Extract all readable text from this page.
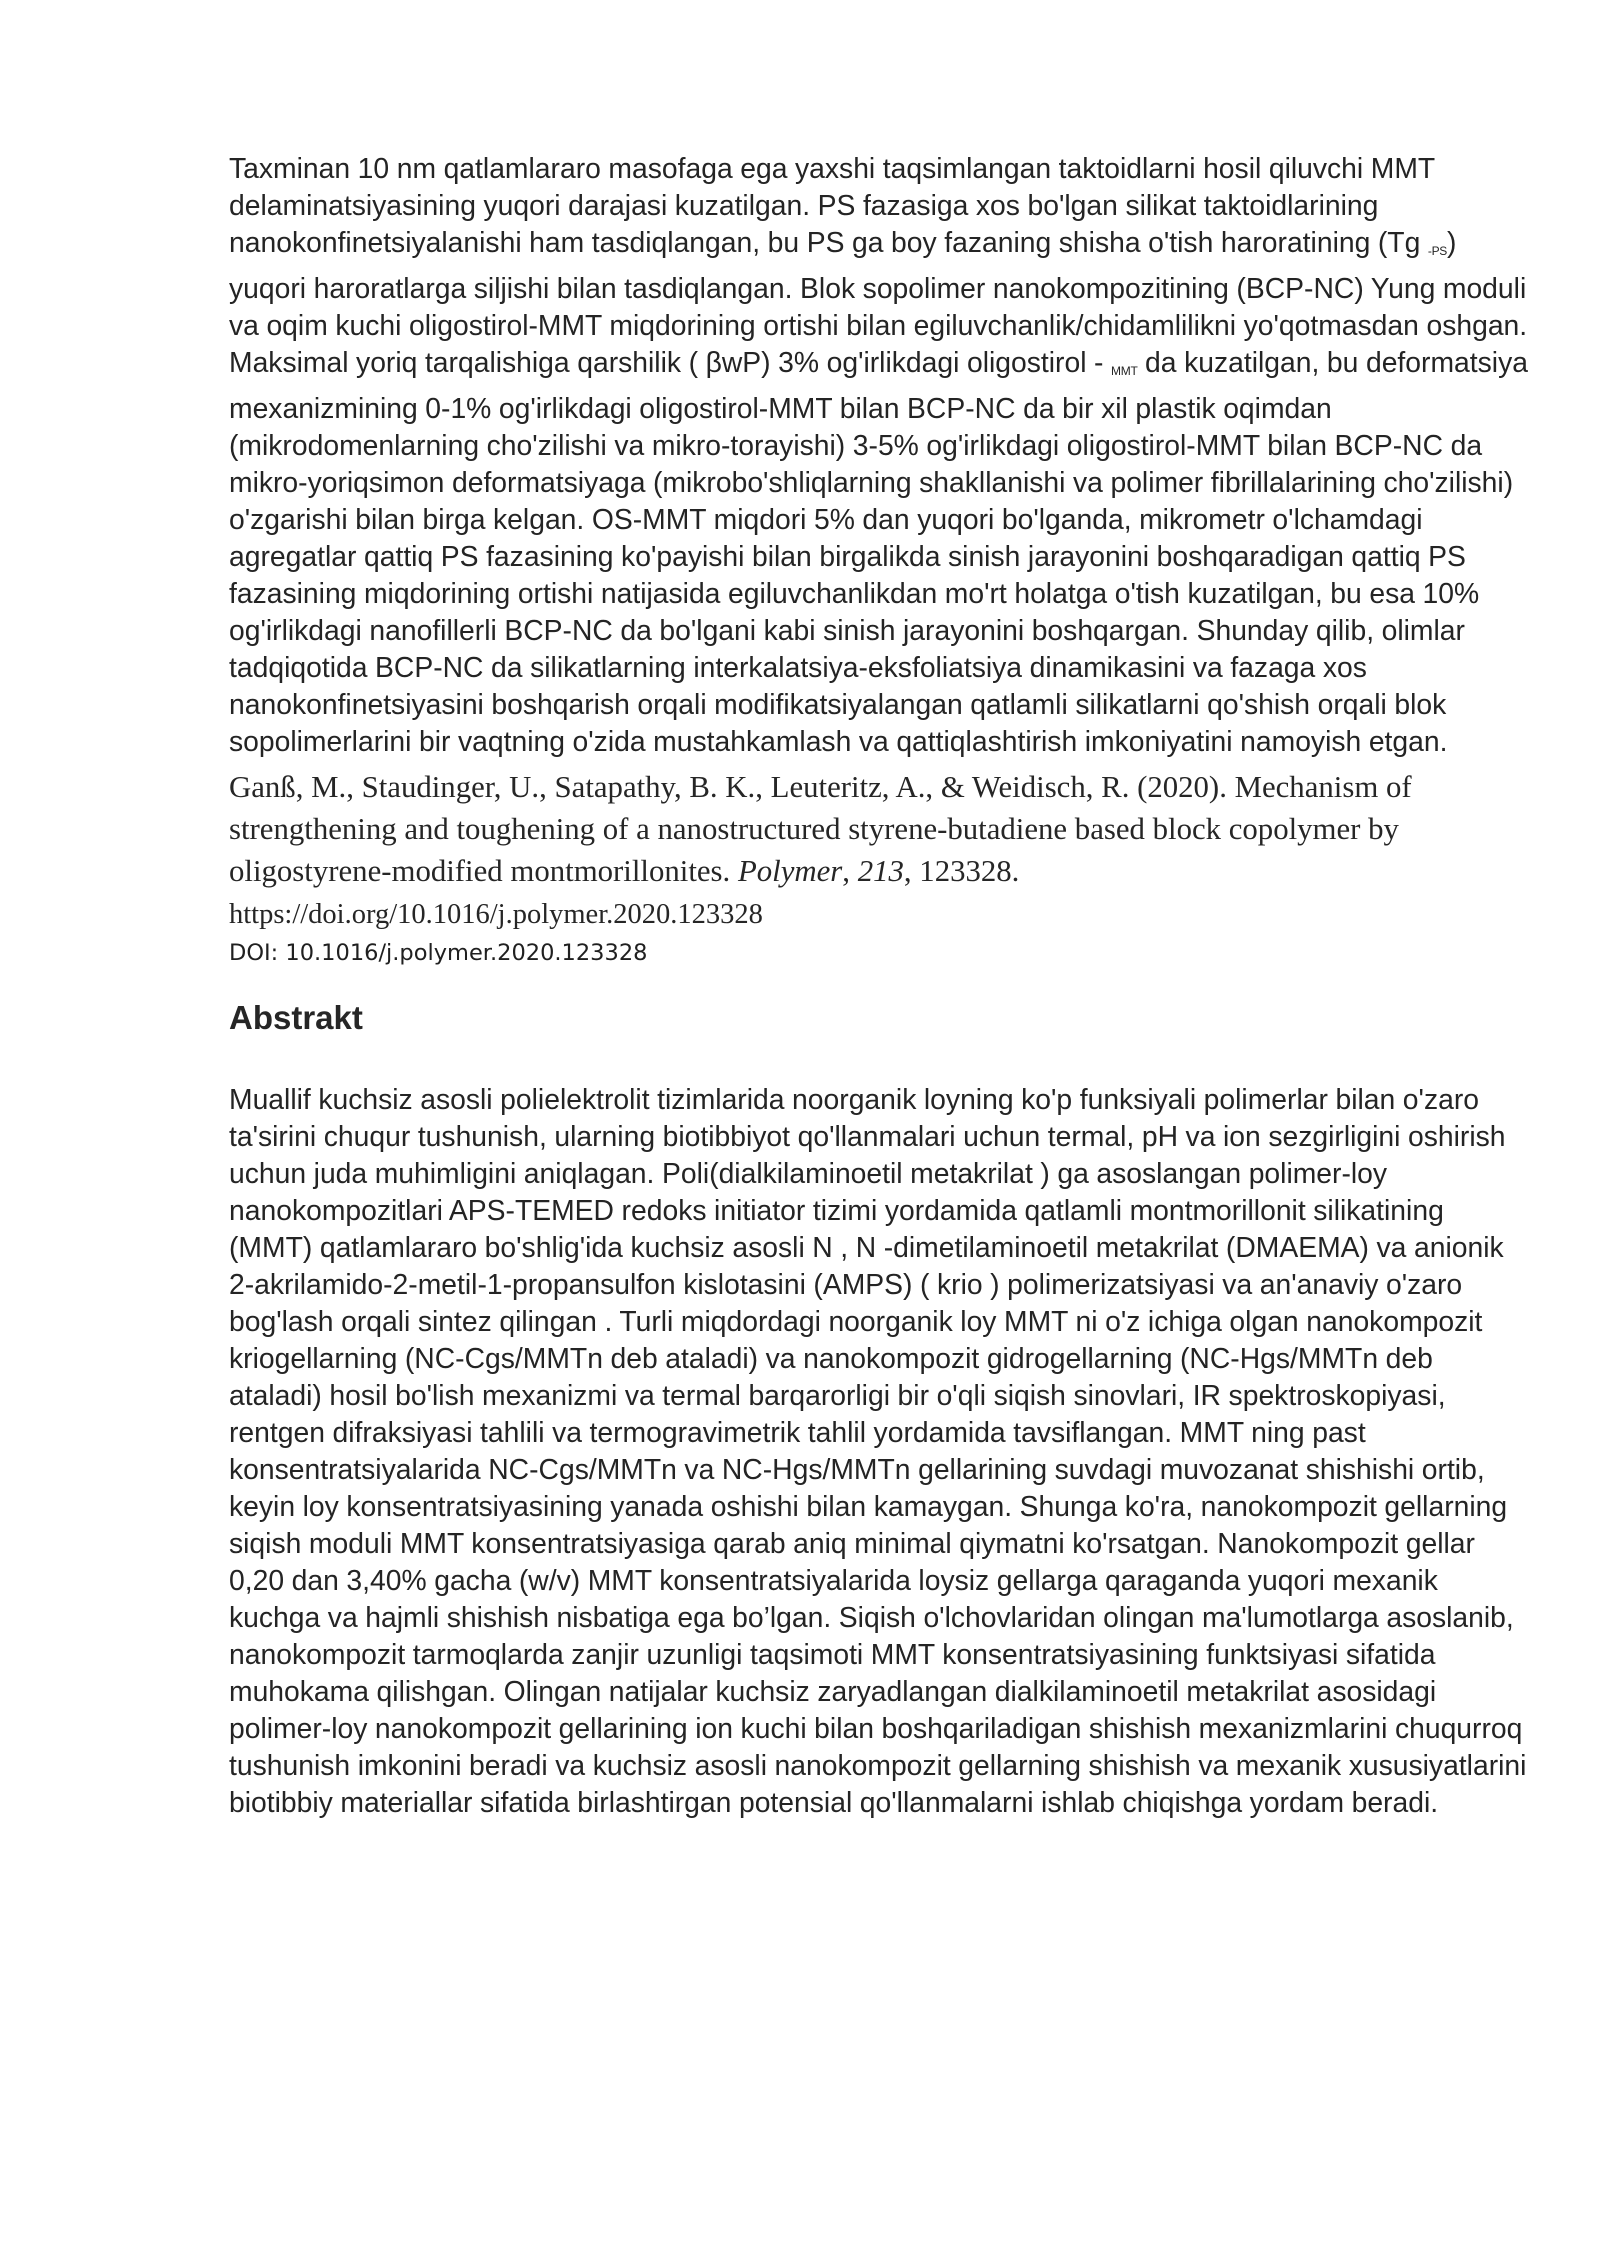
Taxminan 10 nm qatlamlararo masofaga ega yaxshi taqsimlangan taktoidlarni hosil qiluvchi MMT delaminatsiyasining yuqori darajasi kuzatilgan. PS fazasiga xos bo'lgan silikat taktoidlarining nanokonfinetsiyalanishi ham tasdiqlangan, bu PS ga boy fazaning shisha o'tish haroratining (Tg $_{-PS}$) yuqori haroratlarga siljishi bilan tasdiqlangan. Blok sopolimer nanokompozitining (BCP-NC) Yung moduli va oqim kuchi oligostirol-MMT miqdorining ortishi bilan egiluvchanlik/chidamlilikni yo'qotmasdan oshgan. Maksimal yoriq tarqalishiga qarshilik ( βwP) 3% og'irlikdagi oligostirol - $_{MMT}$ da kuzatilgan, bu deformatsiya mexanizmining 0-1% og'irlikdagi oligostirol-MMT bilan BCP-NC da bir xil plastik oqimdan (mikrodomenlarning cho'zilishi va mikro-torayishi) 3-5% og'irlikdagi oligostirol-MMT bilan BCP-NC da mikro-yoriqsimon deformatsiyaga (mikrobo'shliqlarning shakllanishi va polimer fibrillalarining cho'zilishi) o'zgarishi bilan birga kelgan. OS-MMT miqdori 5% dan yuqori bo'lganda, mikrometr o'lchamdagi agregatlar qattiq PS fazasining ko'payishi bilan birgalikda sinish jarayonini boshqaradigan qattiq PS fazasining miqdorining ortishi natijasida egiluvchanlikdan mo'rt holatga o'tish kuzatilgan, bu esa 10% og'irlikdagi nanofillerli BCP-NC da bo'lgani kabi sinish jarayonini boshqargan. Shunday qilib, olimlar tadqiqotida BCP-NC da silikatlarning interkalatsiya-eksfoliatsiya dinamikasini va fazaga xos nanokonfinetsiyasini boshqarish orqali modifikatsiyalangan qatlamli silikatlarni qo'shish orqali blok sopolimerlarini bir vaqtning o'zida mustahkamlash va qattiqlashtirish imkoniyatini namoyish etgan.

Ganß, M., Staudinger, U., Satapathy, B. K., Leuteritz, A., & Weidisch, R. (2020). Mechanism of strengthening and toughening of a nanostructured styrene-butadiene based block copolymer by oligostyrene-modified montmorillonites. Polymer, 213, 123328. https://doi.org/10.1016/j.polymer.2020.123328

DOI: 10.1016/j.polymer.2020.123328

Abstrakt

Muallif kuchsiz asosli polielektrolit tizimlarida noorganik loyning ko'p funksiyali polimerlar bilan o'zaro ta'sirini chuqur tushunish, ularning biotibbiyot qo'llanmalari uchun termal, pH va ion sezgirligini oshirish uchun juda muhimligini aniqlagan. Poli(dialkilaminoetil metakrilat ) ga asoslangan polimer-loy nanokompozitlari APS-TEMED redoks initiator tizimi yordamida qatlamli montmorillonit silikatining (MMT) qatlamlararo bo'shlig'ida kuchsiz asosli N , N -dimetilaminoetil metakrilat (DMAEMA) va anionik 2-akrilamido-2-metil-1-propansulfon kislotasini (AMPS) ( krio ) polimerizatsiyasi va an'anaviy o'zaro bog'lash orqali sintez qilingan . Turli miqdordagi noorganik loy MMT ni o'z ichiga olgan nanokompozit kriogellarning (NC-Cgs/MMTn deb ataladi) va nanokompozit gidrogellarning (NC-Hgs/MMTn deb ataladi) hosil bo'lish mexanizmi va termal barqarorligi bir o'qli siqish sinovlari, IR spektroskopiyasi, rentgen difraksiyasi tahlili va termogravimetrik tahlil yordamida tavsiflangan. MMT ning past konsentratsiyalarida NC-Cgs/MMTn va NC-Hgs/MMTn gellarining suvdagi muvozanat shishishi ortib, keyin loy konsentratsiyasining yanada oshishi bilan kamaygan. Shunga ko'ra, nanokompozit gellarning siqish moduli MMT konsentratsiyasiga qarab aniq minimal qiymatni ko'rsatgan. Nanokompozit gellar 0,20 dan 3,40% gacha (w/v) MMT konsentratsiyalarida loysiz gellarga qaraganda yuqori mexanik kuchga va hajmli shishish nisbatiga ega bo’lgan. Siqish o'lchovlaridan olingan ma'lumotlarga asoslanib, nanokompozit tarmoqlarda zanjir uzunligi taqsimoti MMT konsentratsiyasining funktsiyasi sifatida muhokama qilishgan. Olingan natijalar kuchsiz zaryadlangan dialkilaminoetil metakrilat asosidagi polimer-loy nanokompozit gellarining ion kuchi bilan boshqariladigan shishish mexanizmlarini chuqurroq tushunish imkonini beradi va kuchsiz asosli nanokompozit gellarning shishish va mexanik xususiyatlarini biotibbiy materiallar sifatida birlashtirgan potensial qo'llanmalarni ishlab chiqishga yordam beradi.
